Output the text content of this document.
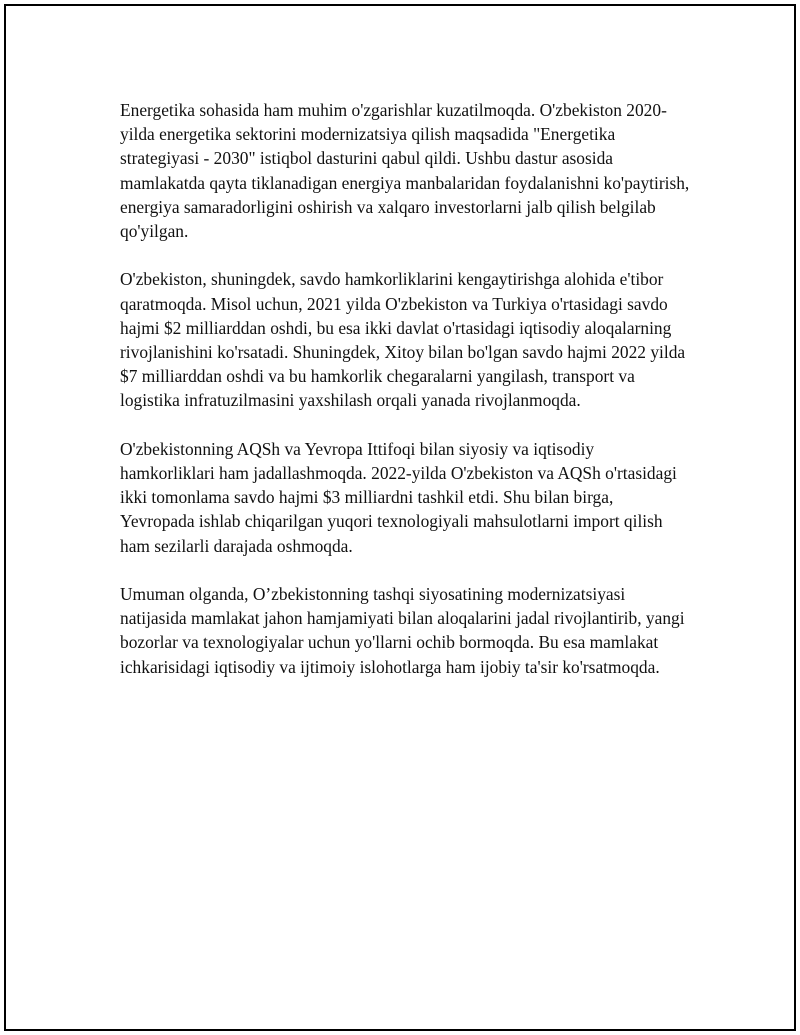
Energetika sohasida ham muhim o'zgarishlar kuzatilmoqda. O'zbekiston 2020-yilda energetika sektorini modernizatsiya qilish maqsadida "Energetika strategiyasi - 2030" istiqbol dasturini qabul qildi. Ushbu dastur asosida mamlakatda qayta tiklanadigan energiya manbalaridan foydalanishni ko'paytirish, energiya samaradorligini oshirish va xalqaro investorlarni jalb qilish belgilab qo'yilgan.

O'zbekiston, shuningdek, savdo hamkorliklarini kengaytirishga alohida e'tibor qaratmoqda. Misol uchun, 2021 yilda O'zbekiston va Turkiya o'rtasidagi savdo hajmi $2 milliarddan oshdi, bu esa ikki davlat o'rtasidagi iqtisodiy aloqalarning rivojlanishini ko'rsatadi. Shuningdek, Xitoy bilan bo'lgan savdo hajmi 2022 yilda $7 milliarddan oshdi va bu hamkorlik chegaralarni yangilash, transport va logistika infratuzilmasini yaxshilash orqali yanada rivojlanmoqda.

O'zbekistonning AQSh va Yevropa Ittifoqi bilan siyosiy va iqtisodiy hamkorliklari ham jadallashmoqda. 2022-yilda O'zbekiston va AQSh o'rtasidagi ikki tomonlama savdo hajmi $3 milliardni tashkil etdi. Shu bilan birga, Yevropada ishlab chiqarilgan yuqori texnologiyali mahsulotlarni import qilish ham sezilarli darajada oshmoqda.

Umuman olganda, O’zbekistonning tashqi siyosatining modernizatsiyasi natijasida mamlakat jahon hamjamiyati bilan aloqalarini jadal rivojlantirib, yangi bozorlar va texnologiyalar uchun yo'llarni ochib bormoqda. Bu esa mamlakat ichkarisidagi iqtisodiy va ijtimoiy islohotlarga ham ijobiy ta'sir ko'rsatmoqda.
